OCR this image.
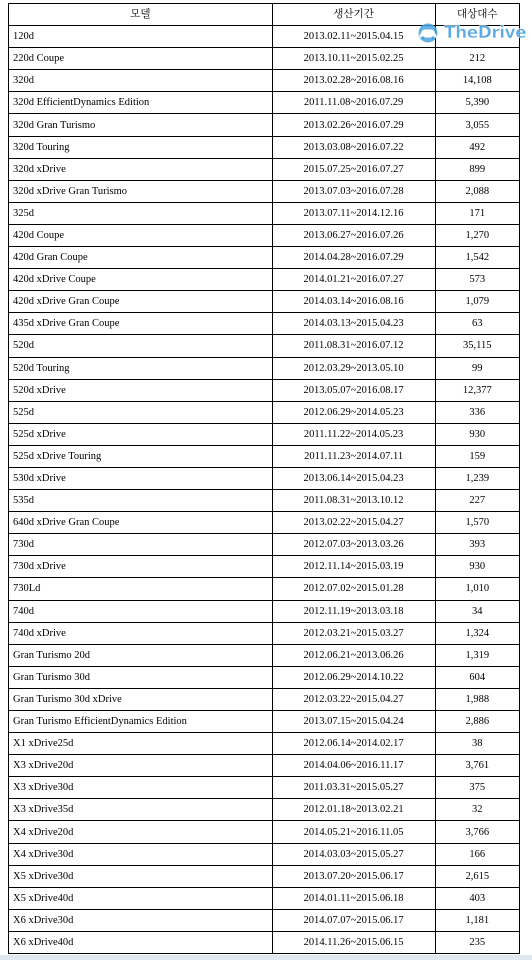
모델	생산기간	대상대수
120d	2013.02.11~2015.04.15	
220d Coupe	2013.10.11~2015.02.25	212
320d	2013.02.28~2016.08.16	14,108
320d EfficientDynamics Edition	2011.11.08~2016.07.29	5,390
320d Gran Turismo	2013.02.26~2016.07.29	3,055
320d Touring	2013.03.08~2016.07.22	492
320d xDrive	2015.07.25~2016.07.27	899
320d xDrive Gran Turismo	2013.07.03~2016.07.28	2,088
325d	2013.07.11~2014.12.16	171
420d Coupe	2013.06.27~2016.07.26	1,270
420d Gran Coupe	2014.04.28~2016.07.29	1,542
420d xDrive Coupe	2014.01.21~2016.07.27	573
420d xDrive Gran Coupe	2014.03.14~2016.08.16	1,079
435d xDrive Gran Coupe	2014.03.13~2015.04.23	63
520d	2011.08.31~2016.07.12	35,115
520d Touring	2012.03.29~2013.05.10	99
520d xDrive	2013.05.07~2016.08.17	12,377
525d	2012.06.29~2014.05.23	336
525d xDrive	2011.11.22~2014.05.23	930
525d xDrive Touring	2011.11.23~2014.07.11	159
530d xDrive	2013.06.14~2015.04.23	1,239
535d	2011.08.31~2013.10.12	227
640d xDrive Gran Coupe	2013.02.22~2015.04.27	1,570
730d	2012.07.03~2013.03.26	393
730d xDrive	2012.11.14~2015.03.19	930
730Ld	2012.07.02~2015.01.28	1,010
740d	2012.11.19~2013.03.18	34
740d xDrive	2012.03.21~2015.03.27	1,324
Gran Turismo 20d	2012.06.21~2013.06.26	1,319
Gran Turismo 30d	2012.06.29~2014.10.22	604
Gran Turismo 30d xDrive	2012.03.22~2015.04.27	1,988
Gran Turismo EfficientDynamics Edition	2013.07.15~2015.04.24	2,886
X1 xDrive25d	2012.06.14~2014.02.17	38
X3 xDrive20d	2014.04.06~2016.11.17	3,761
X3 xDrive30d	2011.03.31~2015.05.27	375
X3 xDrive35d	2012.01.18~2013.02.21	32
X4 xDrive20d	2014.05.21~2016.11.05	3,766
X4 xDrive30d	2014.03.03~2015.05.27	166
X5 xDrive30d	2013.07.20~2015.06.17	2,615
X5 xDrive40d	2014.01.11~2015.06.18	403
X6 xDrive30d	2014.07.07~2015.06.17	1,181
X6 xDrive40d	2014.11.26~2015.06.15	235
TheDrive
